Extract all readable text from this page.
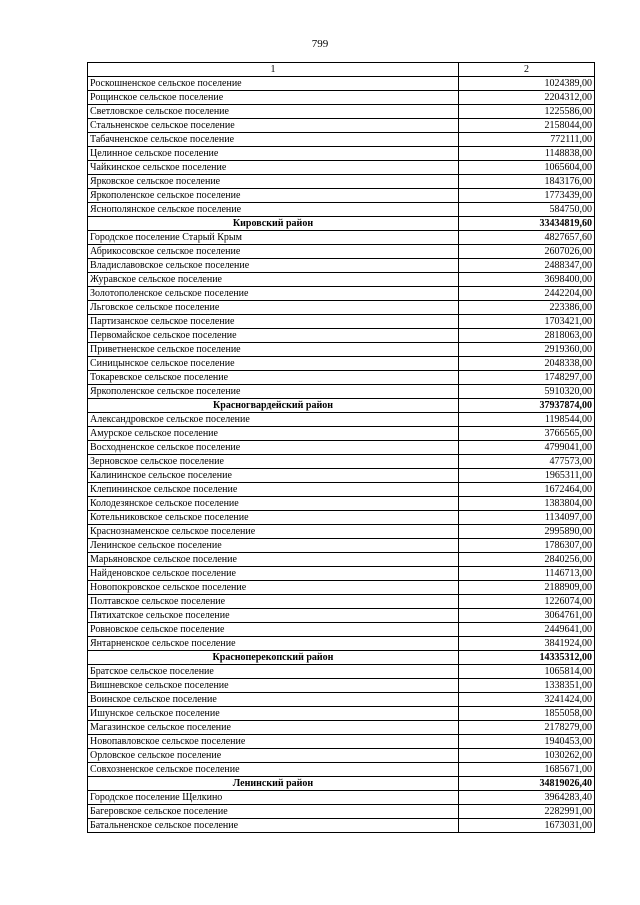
799
1	2
Роскошненское сельское поселение	1024389,00
Рощинское сельское поселение	2204312,00
Светловское сельское поселение	1225586,00
Стальненское сельское поселение	2158044,00
Табачненское сельское поселение	772111,00
Целинное сельское поселение	1148838,00
Чайкинское сельское поселение	1065604,00
Ярковское сельское поселение	1843176,00
Яркополенское сельское поселение	1773439,00
Яснополянское сельское поселение	584750,00
Кировский район	33434819,60
Городское поселение Старый Крым	4827657,60
Абрикосовское сельское поселение	2607026,00
Владиславовское сельское поселение	2488347,00
Журавское сельское поселение	3698400,00
Золотополенское сельское поселение	2442204,00
Льговское сельское поселение	223386,00
Партизанское сельское поселение	1703421,00
Первомайское сельское поселение	2818063,00
Приветненское сельское поселение	2919360,00
Синицынское сельское поселение	2048338,00
Токаревское сельское поселение	1748297,00
Яркополенское сельское поселение	5910320,00
Красногвардейский район	37937874,00
Александровское сельское поселение	1198544,00
Амурское сельское поселение	3766565,00
Восходненское сельское поселение	4799041,00
Зерновское сельское поселение	477573,00
Калининское сельское поселение	1965311,00
Клепининское сельское поселение	1672464,00
Колодезянское сельское поселение	1383804,00
Котельниковское сельское поселение	1134097,00
Краснознаменское сельское поселение	2995890,00
Ленинское сельское поселение	1786307,00
Марьяновское сельское поселение	2840256,00
Найденовское сельское поселение	1146713,00
Новопокровское сельское поселение	2188909,00
Полтавское сельское поселение	1226074,00
Пятихатское сельское поселение	3064761,00
Ровновское сельское поселение	2449641,00
Янтарненское сельское поселение	3841924,00
Красноперекопский район	14335312,00
Братское сельское поселение	1065814,00
Вишневское сельское поселение	1338351,00
Воинское сельское поселение	3241424,00
Ишунское сельское поселение	1855058,00
Магазинское сельское поселение	2178279,00
Новопавловское сельское поселение	1940453,00
Орловское сельское поселение	1030262,00
Совхозненское сельское поселение	1685671,00
Ленинский район	34819026,40
Городское поселение Щелкино	3964283,40
Багеровское сельское поселение	2282991,00
Батальненское сельское поселение	1673031,00
